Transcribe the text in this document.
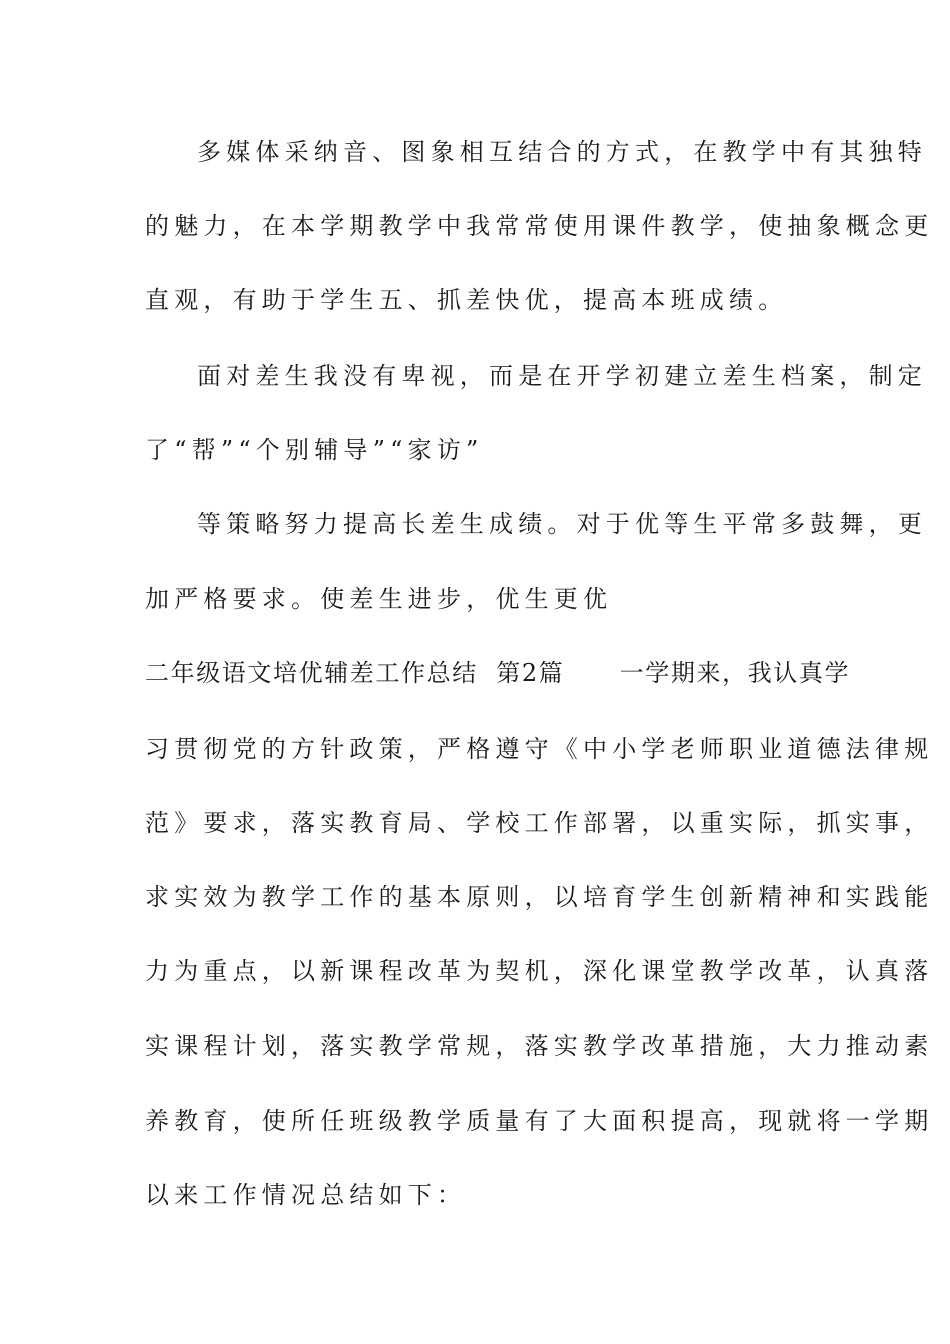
多媒体采纳音、图象相互结合的方式，在教学中有其独特
的魅力，在本学期教学中我常常使用课件教学，使抽象概念更
直观，有助于学生五、抓差快优，提高本班成绩。
面对差生我没有卑视，而是在开学初建立差生档案，制定
了“帮”“个别辅导”“家访”
等策略努力提高长差生成绩。对于优等生平常多鼓舞，更
加严格要求。使差生进步，优生更优
二年级语文培优辅差工作总结  第2篇      一学期来，我认真学
习贯彻党的方针政策，严格遵守《中小学老师职业道德法律规
范》要求，落实教育局、学校工作部署，以重实际，抓实事，
求实效为教学工作的基本原则，以培育学生创新精神和实践能
力为重点，以新课程改革为契机，深化课堂教学改革，认真落
实课程计划，落实教学常规，落实教学改革措施，大力推动素
养教育，使所任班级教学质量有了大面积提高，现就将一学期
以来工作情况总结如下：
